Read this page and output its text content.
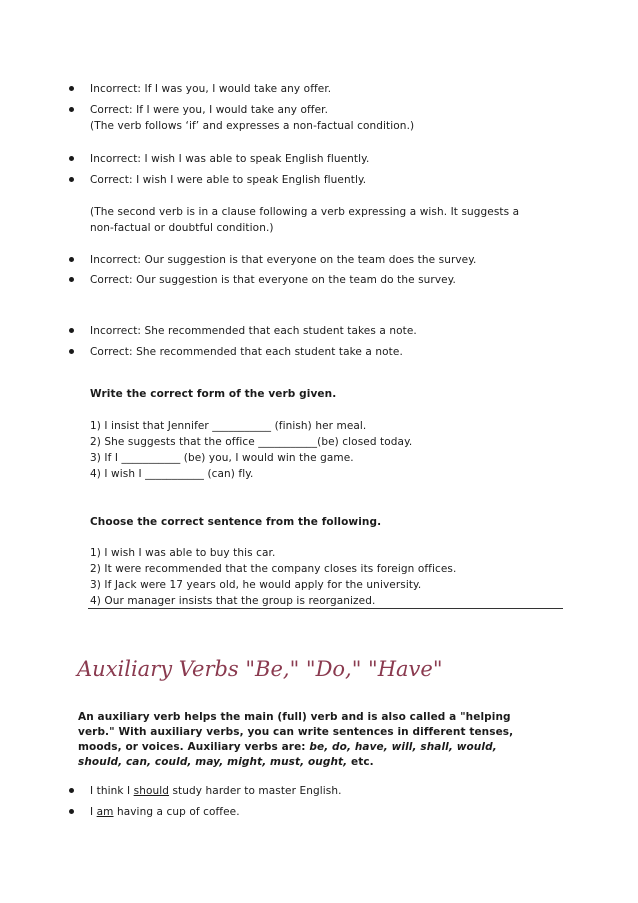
Incorrect: If I was you, I would take any offer.
Correct: If I were you, I would take any offer.
(The verb follows ‘if’ and expresses a non-factual condition.)
Incorrect: I wish I was able to speak English fluently.
Correct: I wish I were able to speak English fluently.
(The second verb is in a clause following a verb expressing a wish. It suggests a
non-factual or doubtful condition.)
Incorrect: Our suggestion is that everyone on the team does the survey.
Correct: Our suggestion is that everyone on the team do the survey.
Incorrect: She recommended that each student takes a note.
Correct: She recommended that each student take a note.
Write the correct form of the verb given.
1) I insist that Jennifer ___________ (finish) her meal.
2) She suggests that the office ___________(be) closed today.
3) If I ___________ (be) you, I would win the game.
4) I wish I ___________ (can) fly.
Choose the correct sentence from the following.
1) I wish I was able to buy this car.
2) It were recommended that the company closes its foreign offices.
3) If Jack were 17 years old, he would apply for the university.
4) Our manager insists that the group is reorganized.
Auxiliary Verbs "Be," "Do," "Have"
An auxiliary verb helps the main (full) verb and is also called a "helping
verb." With auxiliary verbs, you can write sentences in different tenses,
moods, or voices. Auxiliary verbs are: be, do, have, will, shall, would,
should, can, could, may, might, must, ought, etc.
I think I should study harder to master English.
I am having a cup of coffee.
